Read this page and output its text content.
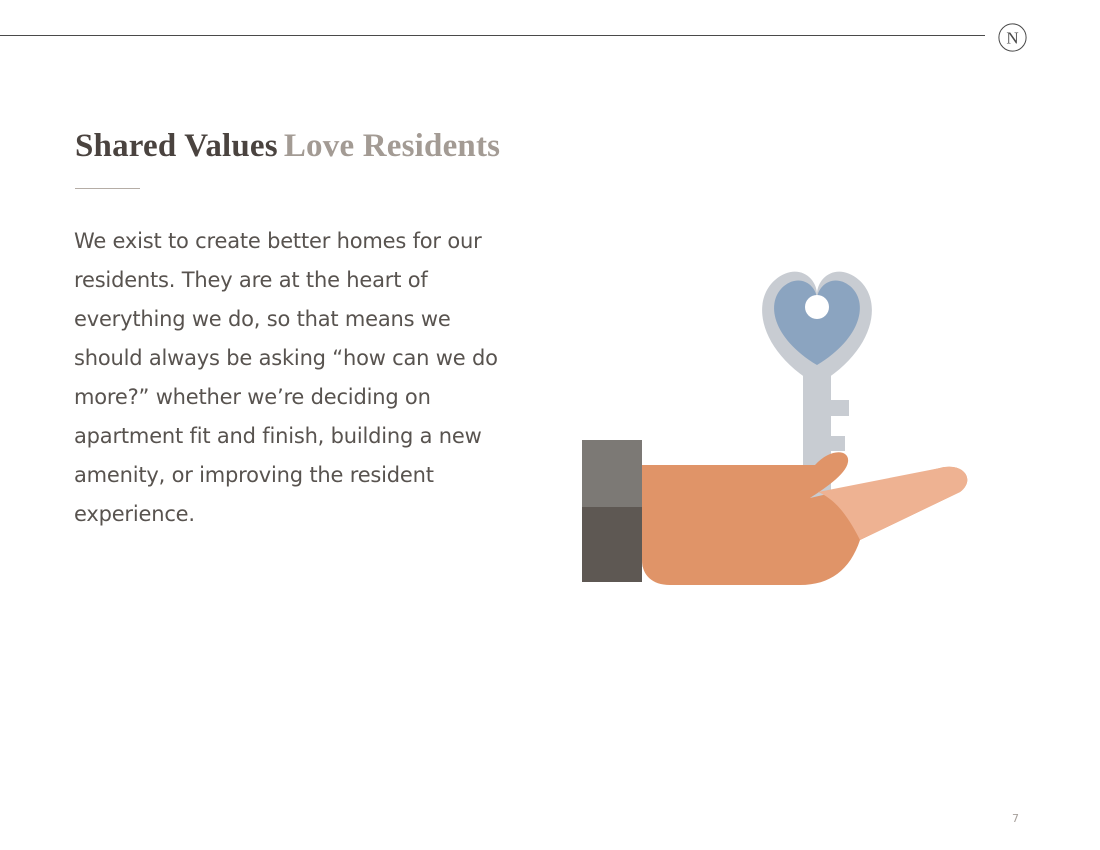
N
Shared Values Love Residents
We exist to create better homes for our residents. They are at the heart of everything we do, so that means we should always be asking “how can we do more?” whether we’re deciding on apartment fit and finish, building a new amenity, or improving the resident experience.
7
